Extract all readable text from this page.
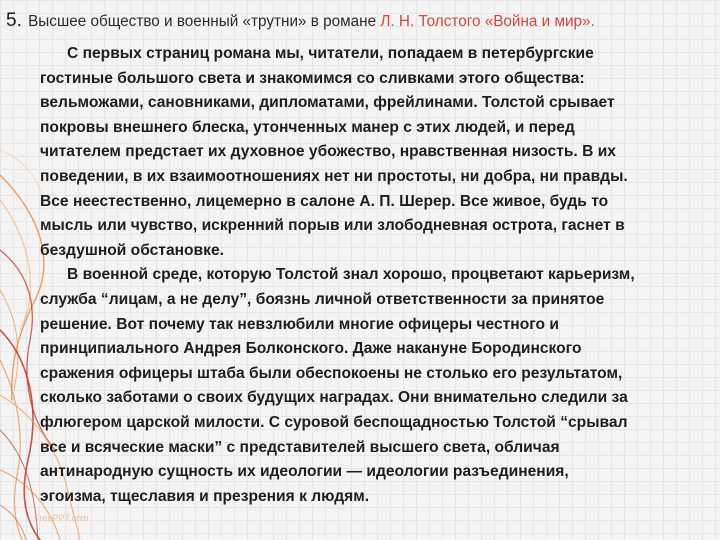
5. Высшее общество и военный «трутни» в романе Л. Н. Толстого «Война и мир».
С первых страниц романа мы, читатели, попадаем в петербургские
гостиные большого света и знакомимся со сливками этого общества:
вельможами, сановниками, дипломатами, фрейлинами. Толстой срывает
покровы внешнего блеска, утонченных манер с этих людей, и перед
читателем предстает их духовное убожество, нравственная низость. В их
поведении, в их взаимоотношениях нет ни простоты, ни добра, ни правды.
Все неестественно, лицемерно в салоне А. П. Шерер. Все живое, будь то
мысль или чувство, искренний порыв или злободневная острота, гаснет в
бездушной обстановке.
В военной среде, которую Толстой знал хорошо, процветают карьеризм,
служба “лицам, а не делу”, боязнь личной ответственности за принятое
решение. Вот почему так невзлюбили многие офицеры честного и
принципиального Андрея Болконского. Даже накануне Бородинского
сражения офицеры штаба были обеспокоены не столько его результатом,
сколько заботами о своих будущих наградах. Они внимательно следили за
флюгером царской милости. С суровой беспощадностью Толстой “срывал
все и всяческие маски” с представителей высшего света, обличая
антинародную сущность их идеологии — идеологии разъединения,
эгоизма, тщеславия и презрения к людям.
FreePPT.com
